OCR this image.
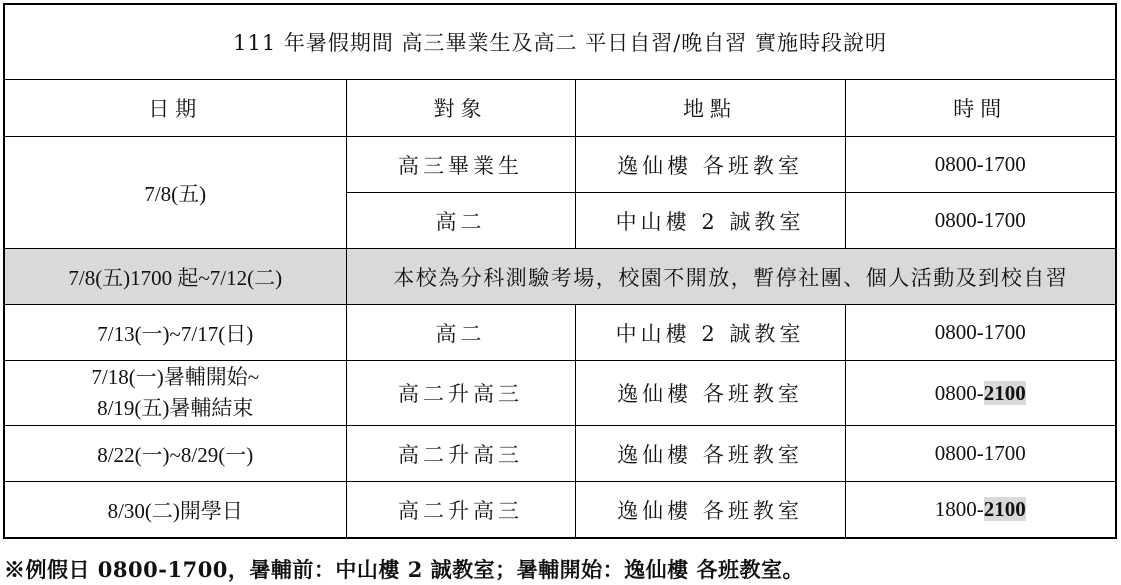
111 年暑假期間 高三畢業生及高二 平日自習/晚自習 實施時段說明			
日期	對象	地點	時間
7/8(五)	高三畢業生	逸仙樓 各班教室	0800-1700
	高二	中山樓 2 誠教室	0800-1700
7/8(五)1700 起~7/12(二)	本校為分科測驗考場，校園不開放，暫停社團、個人活動及到校自習		
7/13(一)~7/17(日)	高二	中山樓 2 誠教室	0800-1700

7/18(一)暑輔開始~
8/19(五)暑輔結束	高二升高三	逸仙樓 各班教室	0800-2100
8/22(一)~8/29(一)	高二升高三	逸仙樓 各班教室	0800-1700
8/30(二)開學日	高二升高三	逸仙樓 各班教室	1800-2100
※例假日 0800-1700，暑輔前：中山樓 2 誠教室；暑輔開始：逸仙樓 各班教室。
